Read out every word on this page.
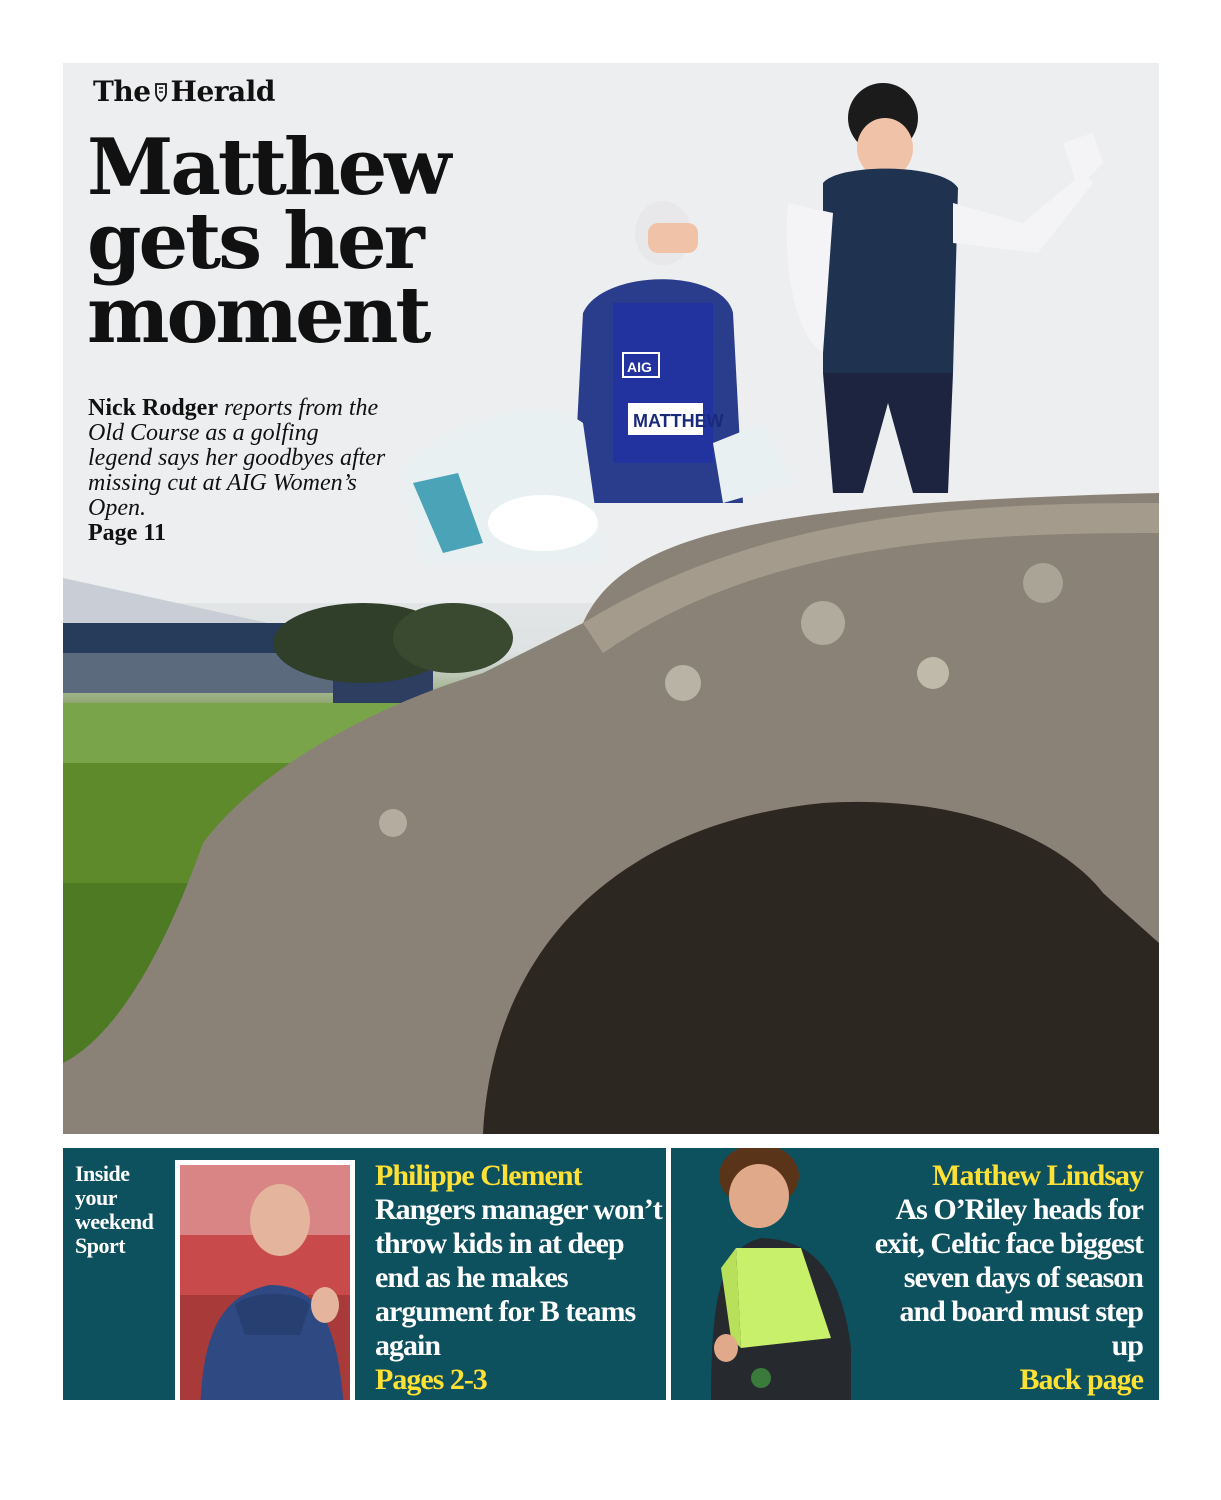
MATTHEW
AIG
The Herald
Matthew
gets her
moment
Nick Rodger reports from the Old Course as a golfing legend says her goodbyes after missing cut at AIG Women’s Open.
Page 11
Inside
your
weekend
Sport
Philippe Clement
Rangers manager won’t throw kids in at deep end as he makes argument for B teams again
Pages 2-3
Matthew Lindsay
As O’Riley heads for exit, Celtic face biggest seven days of season and board must step up
Back page
